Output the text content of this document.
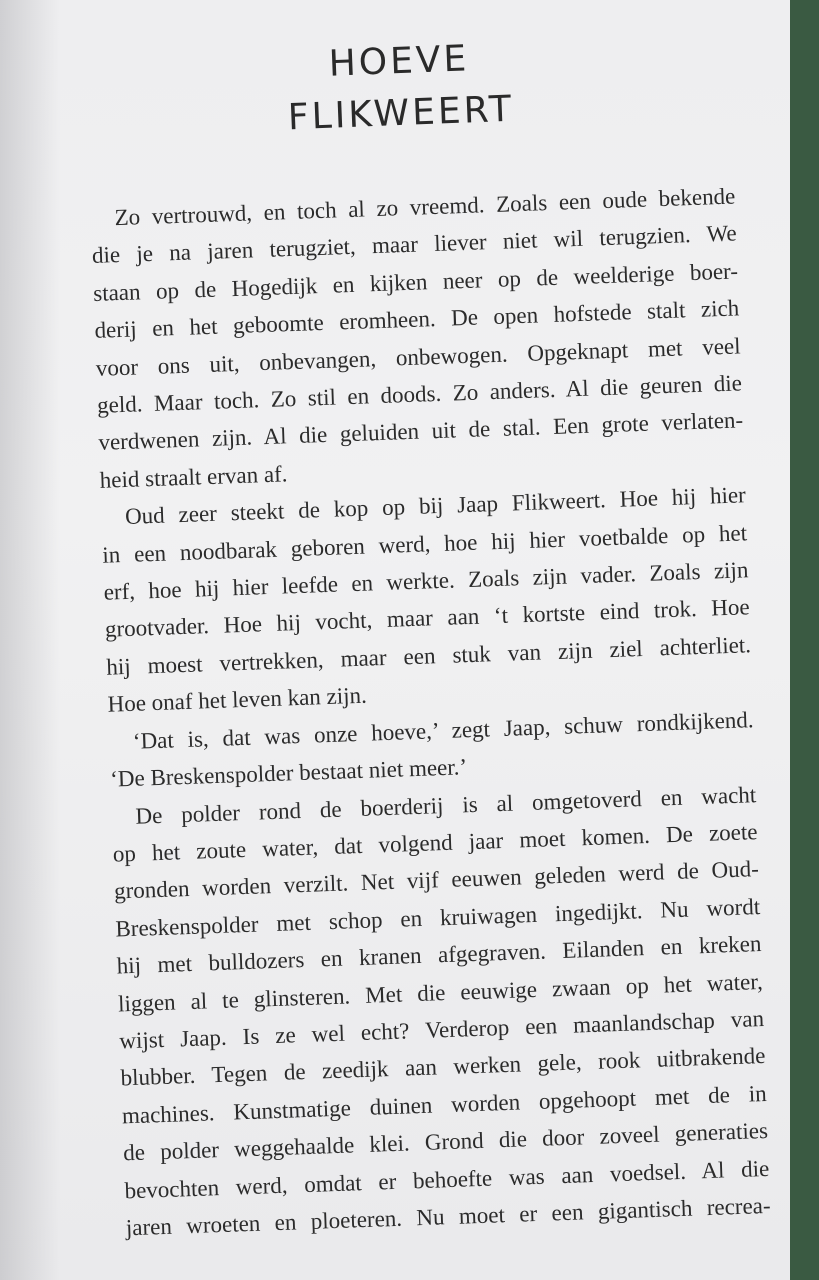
HOEVE
FLIKWEERT
Zo vertrouwd, en toch al zo vreemd. Zoals een oude bekende
die je na jaren terugziet, maar liever niet wil terugzien. We
staan op de Hogedijk en kijken neer op de weelderige boer-
derij en het geboomte eromheen. De open hofstede stalt zich
voor ons uit, onbevangen, onbewogen. Opgeknapt met veel
geld. Maar toch. Zo stil en doods. Zo anders. Al die geuren die
verdwenen zijn. Al die geluiden uit de stal. Een grote verlaten-
heid straalt ervan af.
Oud zeer steekt de kop op bij Jaap Flikweert. Hoe hij hier
in een noodbarak geboren werd, hoe hij hier voetbalde op het
erf, hoe hij hier leefde en werkte. Zoals zijn vader. Zoals zijn
grootvader. Hoe hij vocht, maar aan ‘t kortste eind trok. Hoe
hij moest vertrekken, maar een stuk van zijn ziel achterliet.
Hoe onaf het leven kan zijn.
‘Dat is, dat was onze hoeve,’ zegt Jaap, schuw rondkijkend.
‘De Breskenspolder bestaat niet meer.’
De polder rond de boerderij is al omgetoverd en wacht
op het zoute water, dat volgend jaar moet komen. De zoete
gronden worden verzilt. Net vijf eeuwen geleden werd de Oud-
Breskenspolder met schop en kruiwagen ingedijkt. Nu wordt
hij met bulldozers en kranen afgegraven. Eilanden en kreken
liggen al te glinsteren. Met die eeuwige zwaan op het water,
wijst Jaap. Is ze wel echt? Verderop een maanlandschap van
blubber. Tegen de zeedijk aan werken gele, rook uitbrakende
machines. Kunstmatige duinen worden opgehoopt met de in
de polder weggehaalde klei. Grond die door zoveel generaties
bevochten werd, omdat er behoefte was aan voedsel. Al die
jaren wroeten en ploeteren. Nu moet er een gigantisch recrea-
